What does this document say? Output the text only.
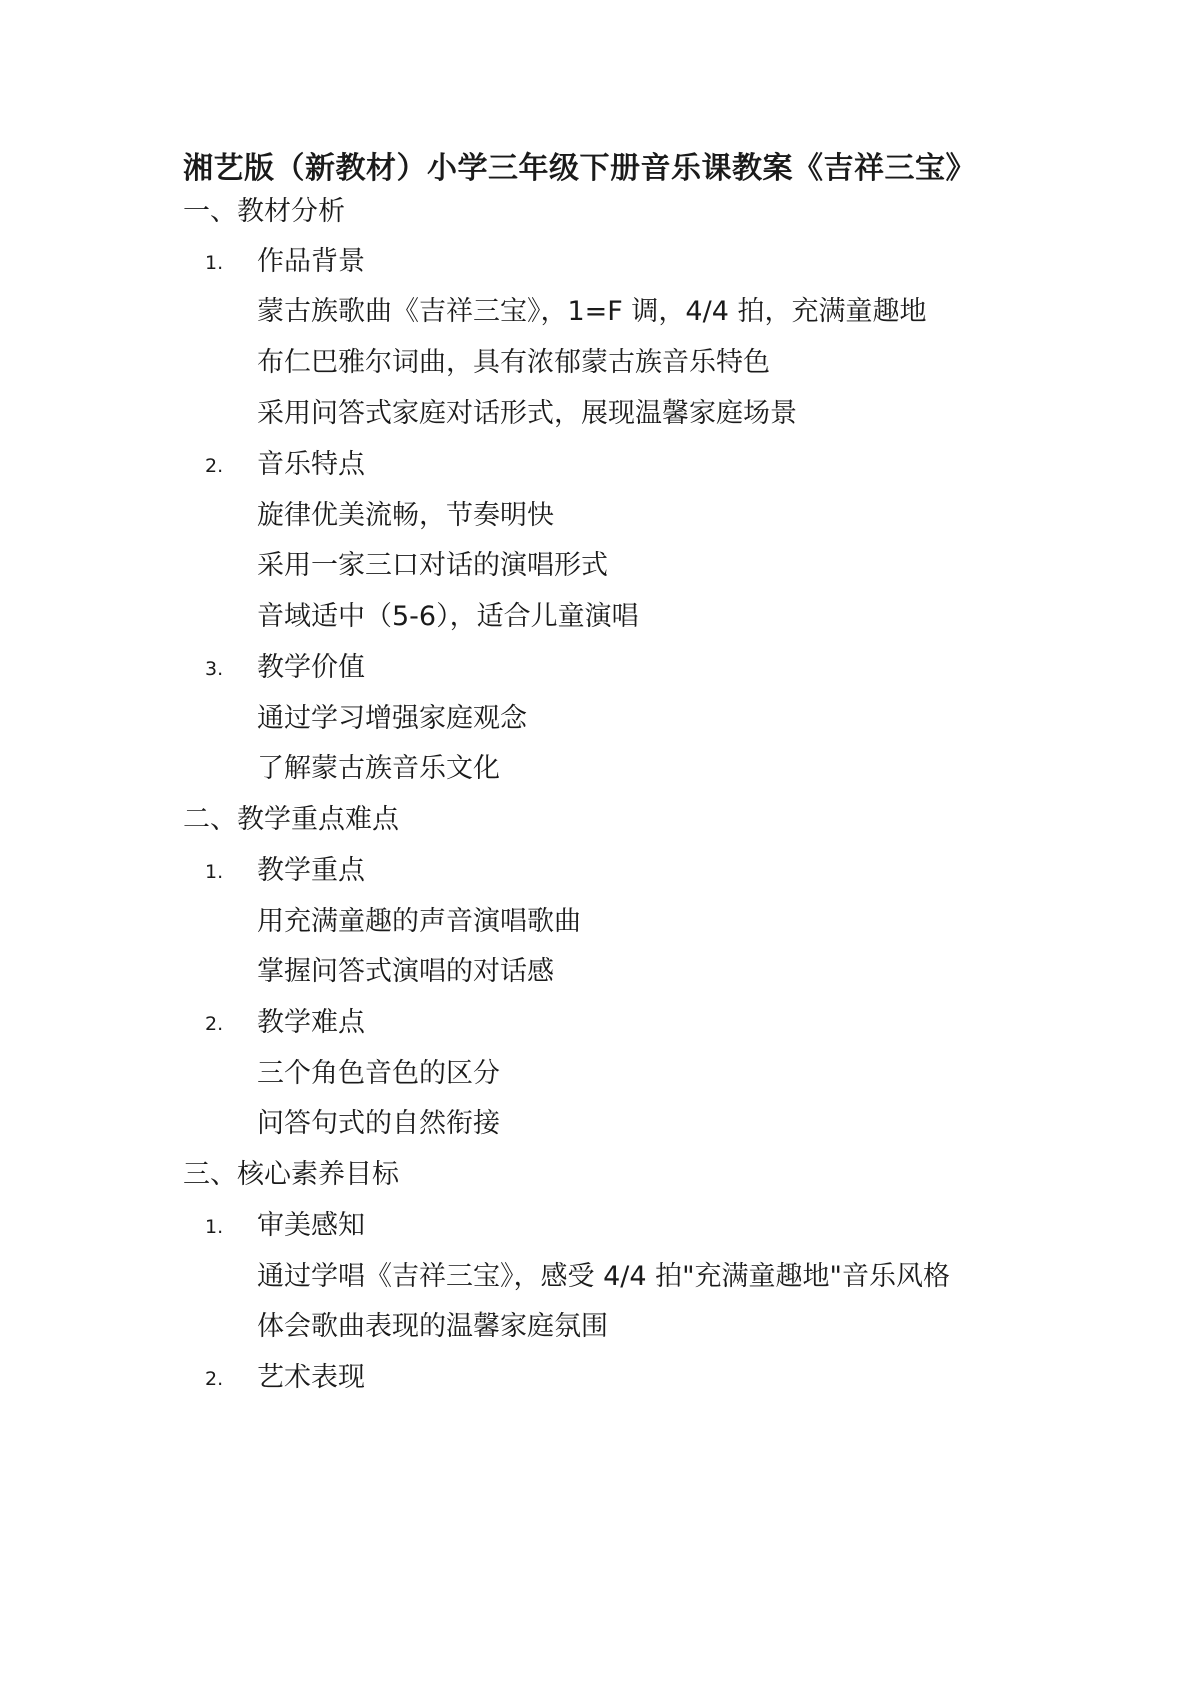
湘艺版（新教材）小学三年级下册音乐课教案《吉祥三宝》
一、教材分析
1. 作品背景
蒙古族歌曲《吉祥三宝》，1=F 调，4/4 拍，充满童趣地
布仁巴雅尔词曲，具有浓郁蒙古族音乐特色
采用问答式家庭对话形式，展现温馨家庭场景
2. 音乐特点
旋律优美流畅，节奏明快
采用一家三口对话的演唱形式
音域适中（5-6），适合儿童演唱
3. 教学价值
通过学习增强家庭观念
了解蒙古族音乐文化
二、教学重点难点
1. 教学重点
用充满童趣的声音演唱歌曲
掌握问答式演唱的对话感
2. 教学难点
三个角色音色的区分
问答句式的自然衔接
三、核心素养目标
1. 审美感知
通过学唱《吉祥三宝》，感受 4/4 拍"充满童趣地"音乐风格
体会歌曲表现的温馨家庭氛围
2. 艺术表现
